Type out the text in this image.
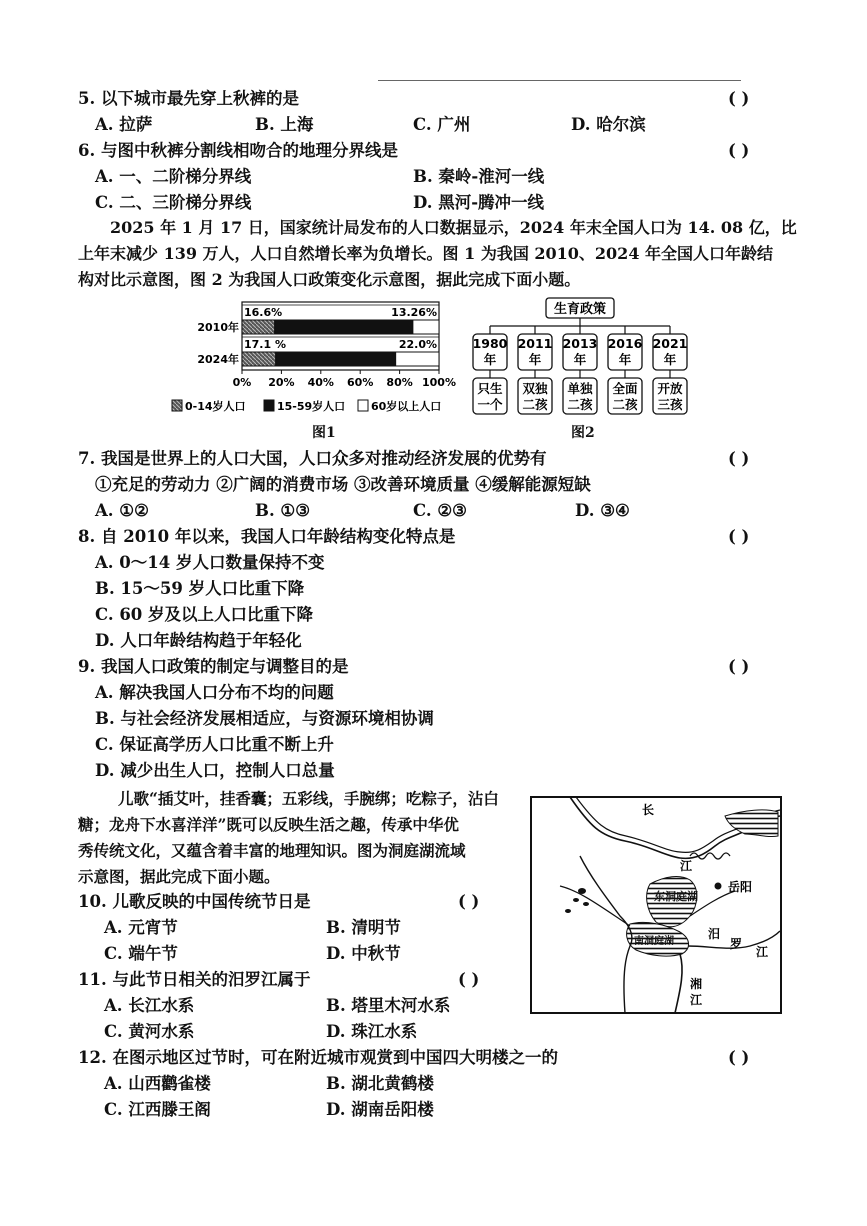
5. 以下城市最先穿上秋裤的是	( )
A. 拉萨	B. 上海	C. 广州	D. 哈尔滨
6. 与图中秋裤分割线相吻合的地理分界线是	( )
A. 一、二阶梯分界线	B. 秦岭-淮河一线
C. 二、三阶梯分界线	D. 黑河-腾冲一线
2025 年 1 月 17 日，国家统计局发布的人口数据显示，2024 年末全国人口为 14. 08 亿，比
上年末减少 139 万人，人口自然增长率为负增长。图 1 为我国 2010、2024 年全国人口年龄结
构对比示意图，图 2 为我国人口政策变化示意图，据此完成下面小题。
2010年
16.6%	13.26%
2024年
17.1 %	22.0%
0% 20% 40% 60% 80% 100%
0-14岁人口	15-59岁人口 60岁以上人口
图1
生育政策
1980
年
只生
一个
2011
年
双独
二孩
2013
年
单独
二孩
2016
年
全面
二孩
2021
年
开放
三孩
图2
7. 我国是世界上的人口大国，人口众多对推动经济发展的优势有	( )
①充足的劳动力 ②广阔的消费市场 ③改善环境质量 ④缓解能源短缺
A. ①②	B. ①③	C. ②③	D. ③④
8. 自 2010 年以来，我国人口年龄结构变化特点是	( )
A. 0～14 岁人口数量保持不变
B. 15～59 岁人口比重下降
C. 60 岁及以上人口比重下降
D. 人口年龄结构趋于年轻化
9. 我国人口政策的制定与调整目的是	( )
A. 解决我国人口分布不均的问题
B. 与社会经济发展相适应，与资源环境相协调
C. 保证高学历人口比重不断上升
D. 减少出生人口，控制人口总量
儿歌“插艾叶，挂香囊；五彩线，手腕绑；吃粽子，沾白
糖；龙舟下水喜洋洋”既可以反映生活之趣，传承中华优
秀传统文化，又蕴含着丰富的地理知识。图为洞庭湖流域
示意图，据此完成下面小题。
长
江
东洞庭湖
岳阳
南洞庭湖
汨
罗
江
湘
江
10. 儿歌反映的中国传统节日是	( )
A. 元宵节	B. 清明节
C. 端午节	D. 中秋节
11. 与此节日相关的汨罗江属于	( )
A. 长江水系	B. 塔里木河水系
C. 黄河水系	D. 珠江水系
12. 在图示地区过节时，可在附近城市观赏到中国四大明楼之一的	( )
A. 山西鹳雀楼	B. 湖北黄鹤楼
C. 江西滕王阁	D. 湖南岳阳楼
